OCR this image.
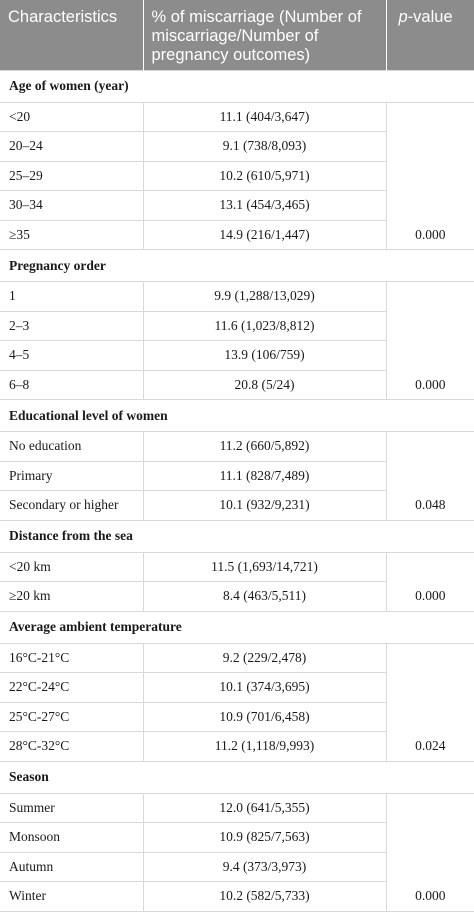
Characteristics	% of miscarriage (Number of miscarriage/Number of pregnancy outcomes)	p-value
Age of women (year)		
<20	11.1 (404/3,647)	
20–24	9.1 (738/8,093)	
25–29	10.2 (610/5,971)	
30–34	13.1 (454/3,465)	
≥35	14.9 (216/1,447)	0.000
Pregnancy order		
1	9.9 (1,288/13,029)	
2–3	11.6 (1,023/8,812)	
4–5	13.9 (106/759)	
6–8	20.8 (5/24)	0.000
Educational level of women		
No education	11.2 (660/5,892)	
Primary	11.1 (828/7,489)	
Secondary or higher	10.1 (932/9,231)	0.048
Distance from the sea		
<20 km	11.5 (1,693/14,721)	
≥20 km	8.4 (463/5,511)	0.000
Average ambient temperature		
16°C-21°C	9.2 (229/2,478)	
22°C-24°C	10.1 (374/3,695)	
25°C-27°C	10.9 (701/6,458)	
28°C-32°C	11.2 (1,118/9,993)	0.024
Season		
Summer	12.0 (641/5,355)	
Monsoon	10.9 (825/7,563)	
Autumn	9.4 (373/3,973)	
Winter	10.2 (582/5,733)	0.000
